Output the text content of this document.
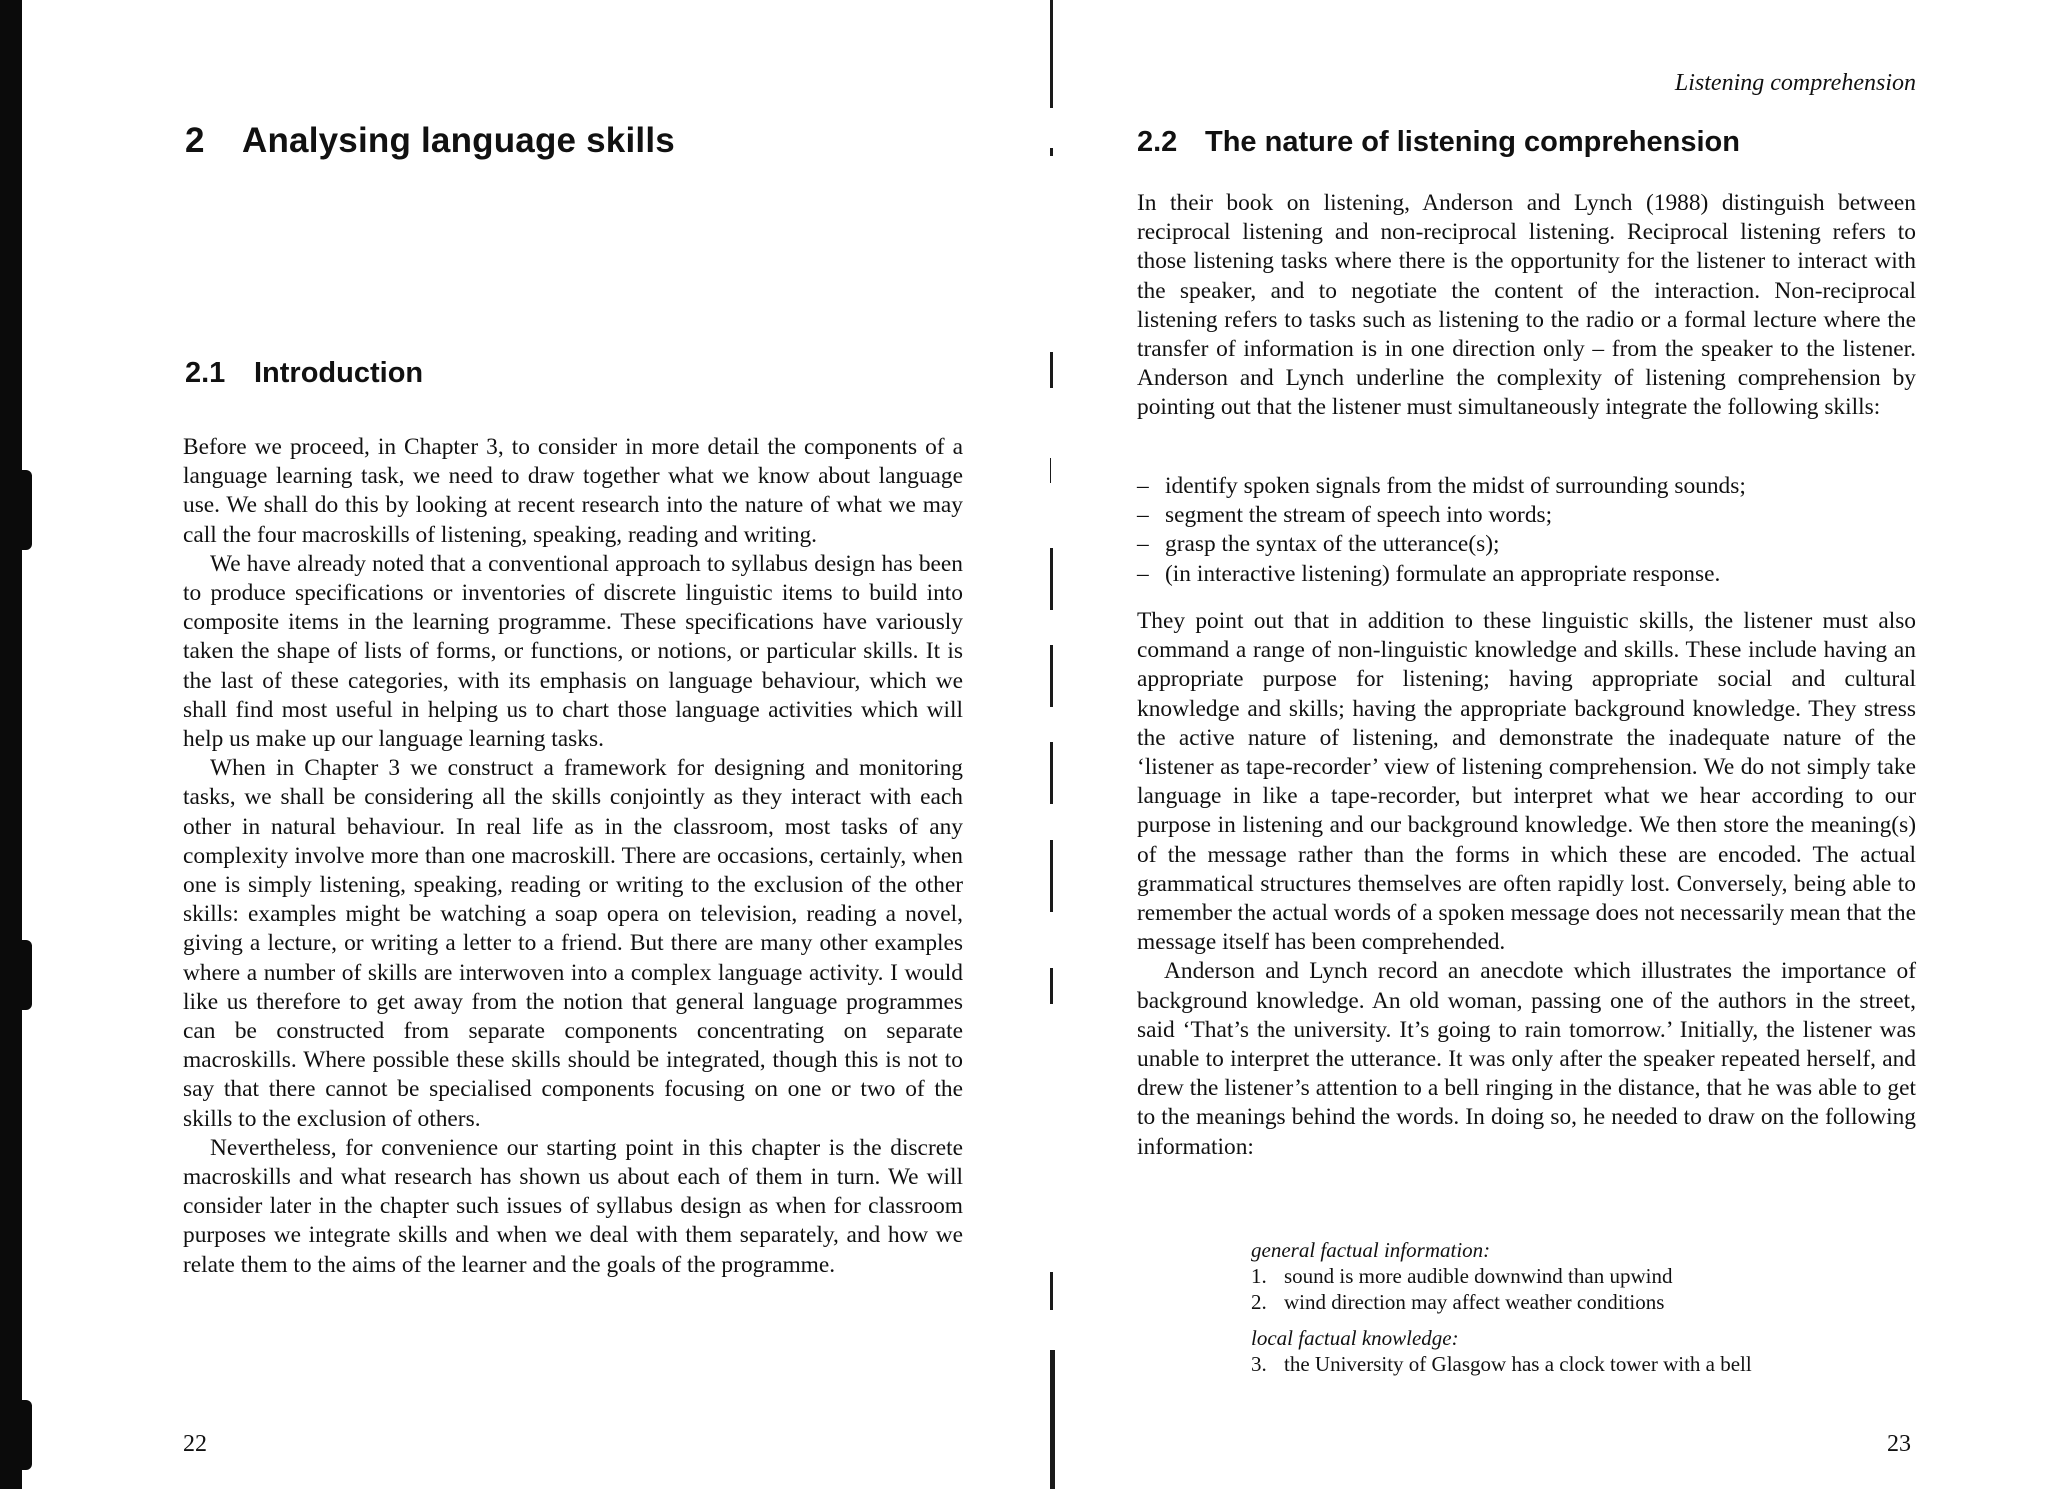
2 Analysing language skills
2.1 Introduction

Before we proceed, in Chapter 3, to consider in more detail the components of a language learning task, we need to draw together what we know about language use. We shall do this by looking at recent research into the nature of what we may call the four macroskills of listening, speaking, reading and writing.

We have already noted that a conventional approach to syllabus design has been to produce specifications or inventories of discrete linguistic items to build into composite items in the learning programme. These specifications have variously taken the shape of lists of forms, or functions, or notions, or particular skills. It is the last of these categories, with its emphasis on language behaviour, which we shall find most useful in helping us to chart those language activities which will help us make up our language learning tasks.

When in Chapter 3 we construct a framework for designing and monitoring tasks, we shall be considering all the skills conjointly as they interact with each other in natural behaviour. In real life as in the classroom, most tasks of any complexity involve more than one macroskill. There are occasions, certainly, when one is simply listening, speaking, reading or writing to the exclusion of the other skills: examples might be watching a soap opera on television, reading a novel, giving a lecture, or writing a letter to a friend. But there are many other examples where a number of skills are interwoven into a complex language activity. I would like us therefore to get away from the notion that general language programmes can be constructed from separate components concentrating on separate macroskills. Where possible these skills should be integrated, though this is not to say that there cannot be specialised components focusing on one or two of the skills to the exclusion of others.

Nevertheless, for convenience our starting point in this chapter is the discrete macroskills and what research has shown us about each of them in turn. We will consider later in the chapter such issues of syllabus design as when for classroom purposes we integrate skills and when we deal with them separately, and how we relate them to the aims of the learner and the goals of the programme.

22
Listening comprehension
2.2 The nature of listening comprehension

In their book on listening, Anderson and Lynch (1988) distinguish between reciprocal listening and non-reciprocal listening. Reciprocal listening refers to those listening tasks where there is the opportunity for the listener to interact with the speaker, and to negotiate the content of the interaction. Non-reciprocal listening refers to tasks such as listening to the radio or a formal lecture where the transfer of information is in one direction only – from the speaker to the listener. Anderson and Lynch underline the complexity of listening comprehension by pointing out that the listener must simultaneously integrate the following skills:

– identify spoken signals from the midst of surrounding sounds;
– segment the stream of speech into words;
– grasp the syntax of the utterance(s);
– (in interactive listening) formulate an appropriate response.

They point out that in addition to these linguistic skills, the listener must also command a range of non-linguistic knowledge and skills. These include having an appropriate purpose for listening; having appropriate social and cultural knowledge and skills; having the appropriate background knowledge. They stress the active nature of listening, and demonstrate the inadequate nature of the ‘listener as tape-recorder’ view of listening comprehension. We do not simply take language in like a tape-recorder, but interpret what we hear according to our purpose in listening and our background knowledge. We then store the meaning(s) of the message rather than the forms in which these are encoded. The actual grammatical structures themselves are often rapidly lost. Conversely, being able to remember the actual words of a spoken message does not necessarily mean that the message itself has been comprehended.

Anderson and Lynch record an anecdote which illustrates the importance of background knowledge. An old woman, passing one of the authors in the street, said ‘That’s the university. It’s going to rain tomorrow.’ Initially, the listener was unable to interpret the utterance. It was only after the speaker repeated herself, and drew the listener’s attention to a bell ringing in the distance, that he was able to get to the meanings behind the words. In doing so, he needed to draw on the following information:

general factual information:

1. sound is more audible downwind than upwind
2. wind direction may affect weather conditions

local factual knowledge:

3. the University of Glasgow has a clock tower with a bell
23
